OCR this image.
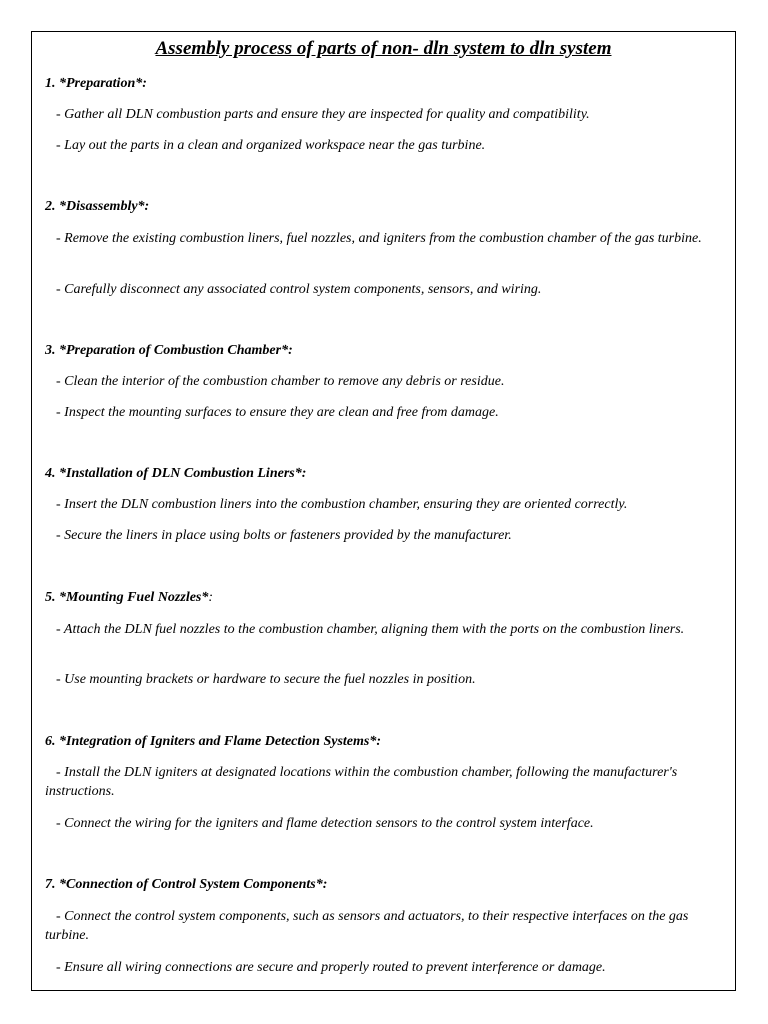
Assembly process of parts of non- dln system to dln system
1. *Preparation*:
- Gather all DLN combustion parts and ensure they are inspected for quality and compatibility.
- Lay out the parts in a clean and organized workspace near the gas turbine.
2. *Disassembly*:
- Remove the existing combustion liners, fuel nozzles, and igniters from the combustion chamber of the gas turbine.
- Carefully disconnect any associated control system components, sensors, and wiring.
3. *Preparation of Combustion Chamber*:
- Clean the interior of the combustion chamber to remove any debris or residue.
- Inspect the mounting surfaces to ensure they are clean and free from damage.
4. *Installation of DLN Combustion Liners*:
- Insert the DLN combustion liners into the combustion chamber, ensuring they are oriented correctly.
- Secure the liners in place using bolts or fasteners provided by the manufacturer.
5. *Mounting Fuel Nozzles*:
- Attach the DLN fuel nozzles to the combustion chamber, aligning them with the ports on the combustion liners.
- Use mounting brackets or hardware to secure the fuel nozzles in position.
6. *Integration of Igniters and Flame Detection Systems*:
- Install the DLN igniters at designated locations within the combustion chamber, following the manufacturer's instructions.
- Connect the wiring for the igniters and flame detection sensors to the control system interface.
7. *Connection of Control System Components*:
- Connect the control system components, such as sensors and actuators, to their respective interfaces on the gas turbine.
- Ensure all wiring connections are secure and properly routed to prevent interference or damage.
